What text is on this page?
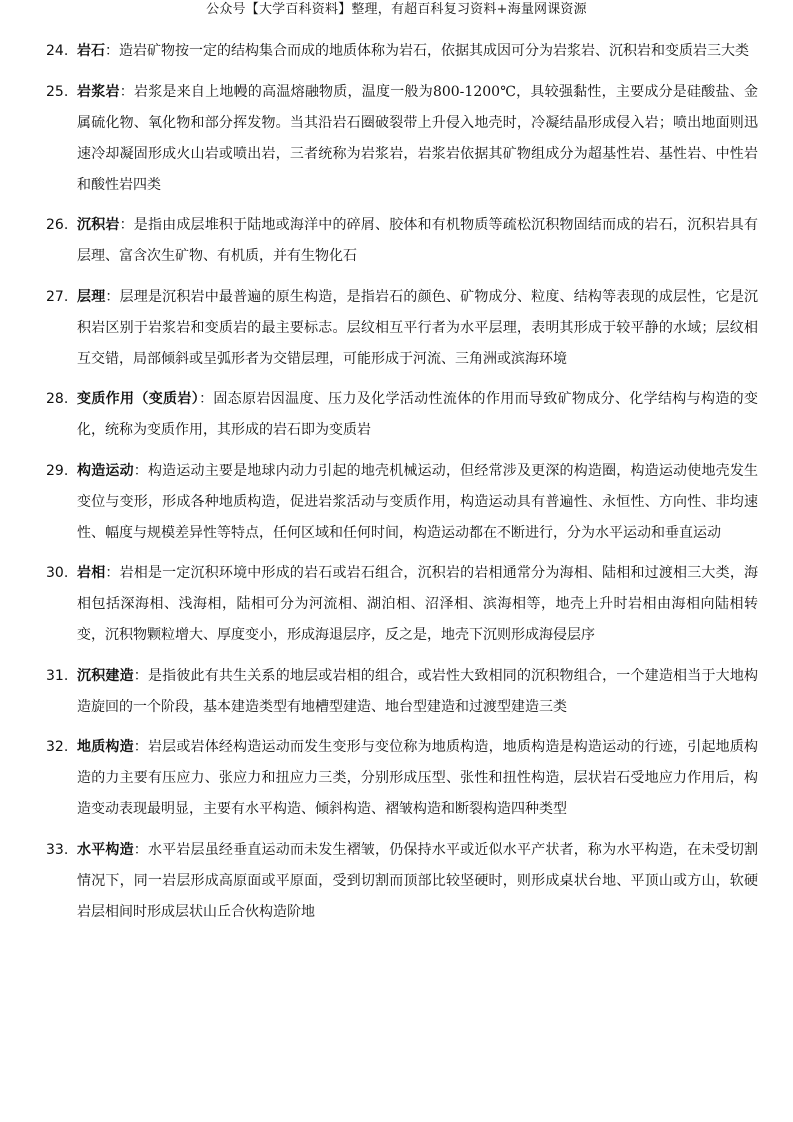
公众号【大学百科资料】整理，有超百科复习资料+海量网课资源
24. 岩石：造岩矿物按一定的结构集合而成的地质体称为岩石，依据其成因可分为岩浆岩、沉积岩和变质岩三大类
25. 岩浆岩：岩浆是来自上地幔的高温熔融物质，温度一般为800-1200℃，具较强黏性，主要成分是硅酸盐、金属硫化物、氧化物和部分挥发物。当其沿岩石圈破裂带上升侵入地壳时，冷凝结晶形成侵入岩；喷出地面则迅速冷却凝固形成火山岩或喷出岩，三者统称为岩浆岩，岩浆岩依据其矿物组成分为超基性岩、基性岩、中性岩和酸性岩四类
26. 沉积岩：是指由成层堆积于陆地或海洋中的碎屑、胶体和有机物质等疏松沉积物固结而成的岩石，沉积岩具有层理、富含次生矿物、有机质，并有生物化石
27. 层理：层理是沉积岩中最普遍的原生构造，是指岩石的颜色、矿物成分、粒度、结构等表现的成层性，它是沉积岩区别于岩浆岩和变质岩的最主要标志。层纹相互平行者为水平层理，表明其形成于较平静的水域；层纹相互交错，局部倾斜或呈弧形者为交错层理，可能形成于河流、三角洲或滨海环境
28. 变质作用（变质岩）：固态原岩因温度、压力及化学活动性流体的作用而导致矿物成分、化学结构与构造的变化，统称为变质作用，其形成的岩石即为变质岩
29. 构造运动：构造运动主要是地球内动力引起的地壳机械运动，但经常涉及更深的构造圈，构造运动使地壳发生变位与变形，形成各种地质构造，促进岩浆活动与变质作用，构造运动具有普遍性、永恒性、方向性、非均速性、幅度与规模差异性等特点，任何区域和任何时间，构造运动都在不断进行，分为水平运动和垂直运动
30. 岩相：岩相是一定沉积环境中形成的岩石或岩石组合，沉积岩的岩相通常分为海相、陆相和过渡相三大类，海相包括深海相、浅海相，陆相可分为河流相、湖泊相、沼泽相、滨海相等，地壳上升时岩相由海相向陆相转变，沉积物颗粒增大、厚度变小，形成海退层序，反之是，地壳下沉则形成海侵层序
31. 沉积建造：是指彼此有共生关系的地层或岩相的组合，或岩性大致相同的沉积物组合，一个建造相当于大地构造旋回的一个阶段，基本建造类型有地槽型建造、地台型建造和过渡型建造三类
32. 地质构造：岩层或岩体经构造运动而发生变形与变位称为地质构造，地质构造是构造运动的行迹，引起地质构造的力主要有压应力、张应力和扭应力三类，分别形成压型、张性和扭性构造，层状岩石受地应力作用后，构造变动表现最明显，主要有水平构造、倾斜构造、褶皱构造和断裂构造四种类型
33. 水平构造：水平岩层虽经垂直运动而未发生褶皱，仍保持水平或近似水平产状者，称为水平构造，在未受切割情况下，同一岩层形成高原面或平原面，受到切割而顶部比较坚硬时，则形成桌状台地、平顶山或方山，软硬岩层相间时形成层状山丘合伙构造阶地
